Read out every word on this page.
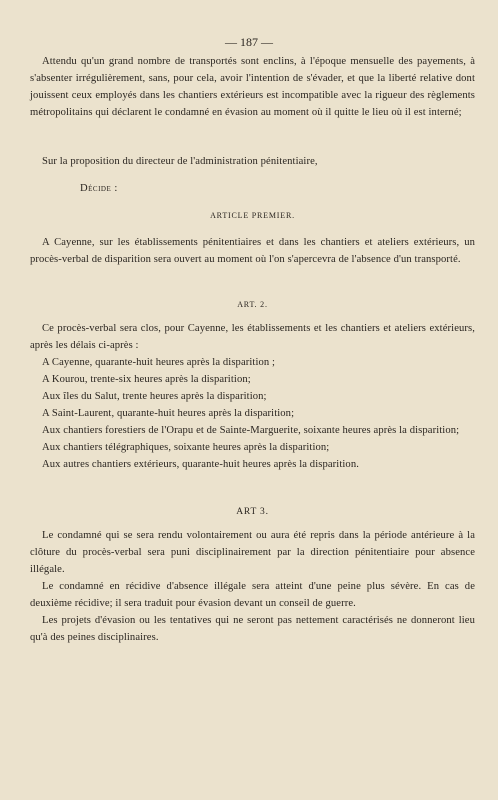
— 187 —

Attendu qu'un grand nombre de transportés sont enclins, à l'époque mensuelle des payements, à s'absenter irrégulièrement, sans, pour cela, avoir l'intention de s'évader, et que la liberté relative dont jouissent ceux employés dans les chantiers extérieurs est incompatible avec la rigueur des règlements métropolitains qui déclarent le condamné en évasion au moment où il quitte le lieu où il est interné;

Sur la proposition du directeur de l'administration pénitentiaire,

Décide :
ARTICLE PREMIER.

A Cayenne, sur les établissements pénitentiaires et dans les chantiers et ateliers extérieurs, un procès-verbal de disparition sera ouvert au moment où l'on s'apercevra de l'absence d'un transporté.

ART. 2.

Ce procès-verbal sera clos, pour Cayenne, les établissements et les chantiers et ateliers extérieurs, après les délais ci-après :

A Cayenne, quarante-huit heures après la disparition ;

A Kourou, trente-six heures après la disparition;

Aux îles du Salut, trente heures après la disparition;

A Saint-Laurent, quarante-huit heures après la disparition;

Aux chantiers forestiers de l'Orapu et de Sainte-Marguerite, soixante heures après la disparition;

Aux chantiers télégraphiques, soixante heures après la disparition;

Aux autres chantiers extérieurs, quarante-huit heures après la disparition.

ART 3.

Le condamné qui se sera rendu volontairement ou aura été repris dans la période antérieure à la clôture du procès-verbal sera puni disciplinairement par la direction pénitentiaire pour absence illégale.

Le condamné en récidive d'absence illégale sera atteint d'une peine plus sévère. En cas de deuxième récidive; il sera traduit pour évasion devant un conseil de guerre.

Les projets d'évasion ou les tentatives qui ne seront pas nettement caractérisés ne donneront lieu qu'à des peines disciplinaires.
